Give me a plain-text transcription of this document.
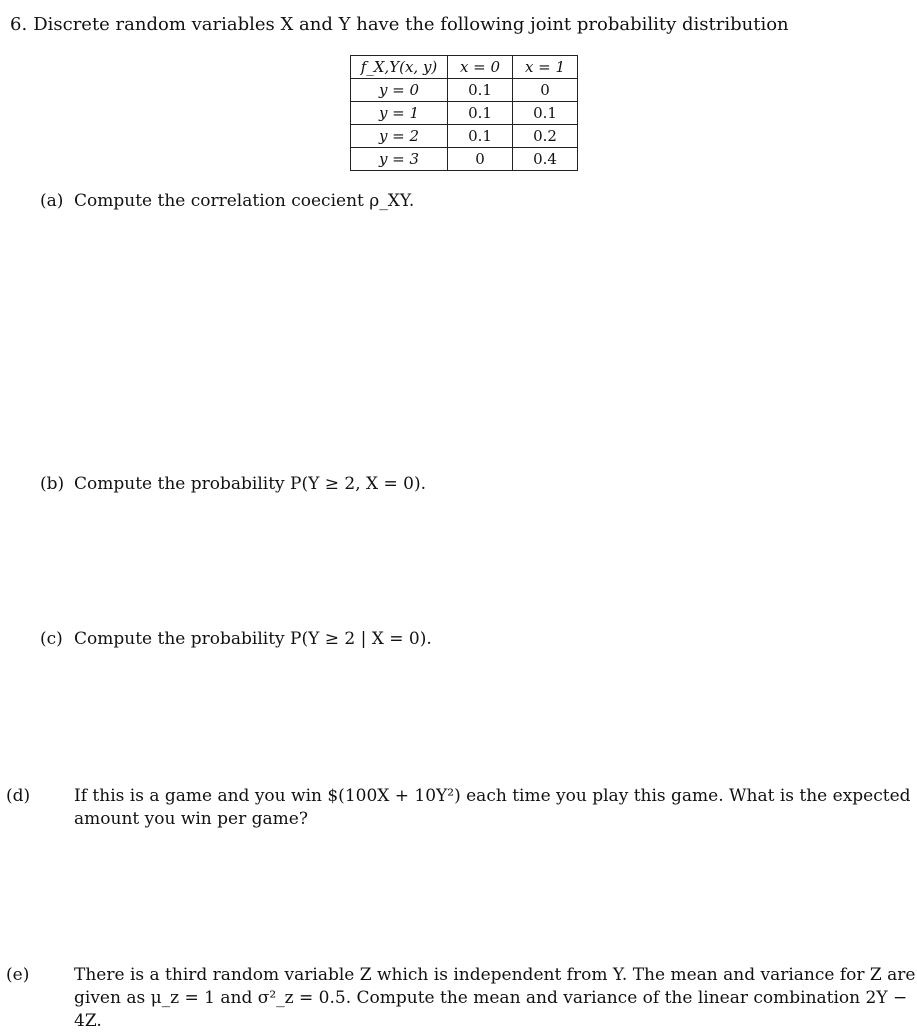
6. Discrete random variables X and Y have the following joint probability distribution
f_X,Y(x, y)	x = 0	x = 1
y = 0	0.1	0
y = 1	0.1	0.1
y = 2	0.1	0.2
y = 3	0	0.4
(a) Compute the correlation coecient ρ_XY.
(b) Compute the probability P(Y ≥ 2, X = 0).
(c) Compute the probability P(Y ≥ 2 | X = 0).
(d)	If this is a game and you win $(100X + 10Y²) each time you play this game. What is the expected amount you win per game?
(e)	There is a third random variable Z which is independent from Y. The mean and variance for Z are given as μ_z = 1 and σ²_z = 0.5. Compute the mean and variance of the linear combination 2Y − 4Z.
